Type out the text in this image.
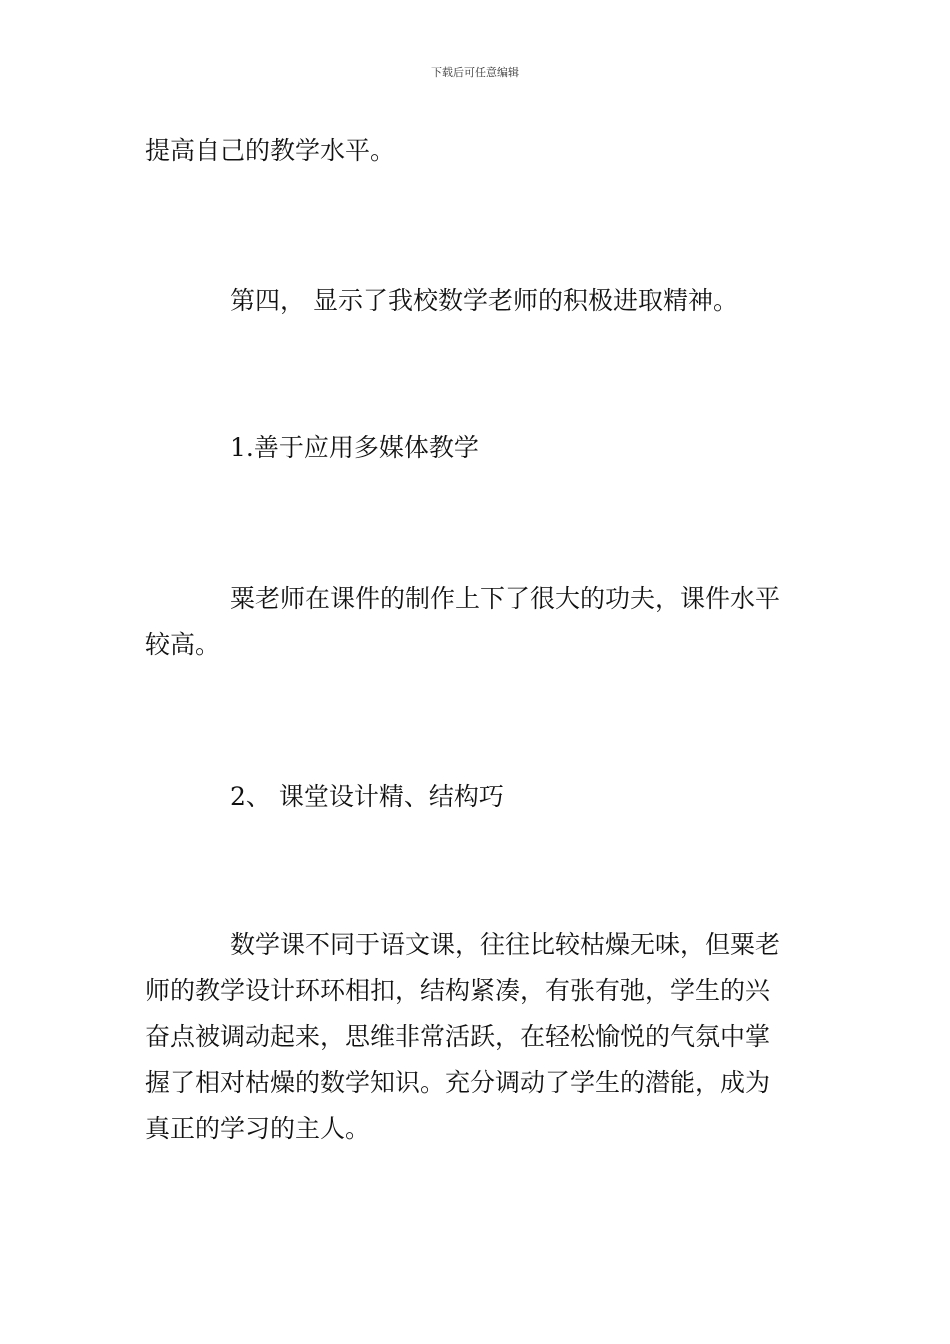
下载后可任意编辑
提高自己的教学水平。
第四， 显示了我校数学老师的积极进取精神。
1.善于应用多媒体教学
粟老师在课件的制作上下了很大的功夫，课件水平
较高。
2、 课堂设计精、结构巧
数学课不同于语文课，往往比较枯燥无味，但粟老
师的教学设计环环相扣，结构紧凑，有张有弛，学生的兴
奋点被调动起来，思维非常活跃，在轻松愉悦的气氛中掌
握了相对枯燥的数学知识。充分调动了学生的潜能，成为
真正的学习的主人。
